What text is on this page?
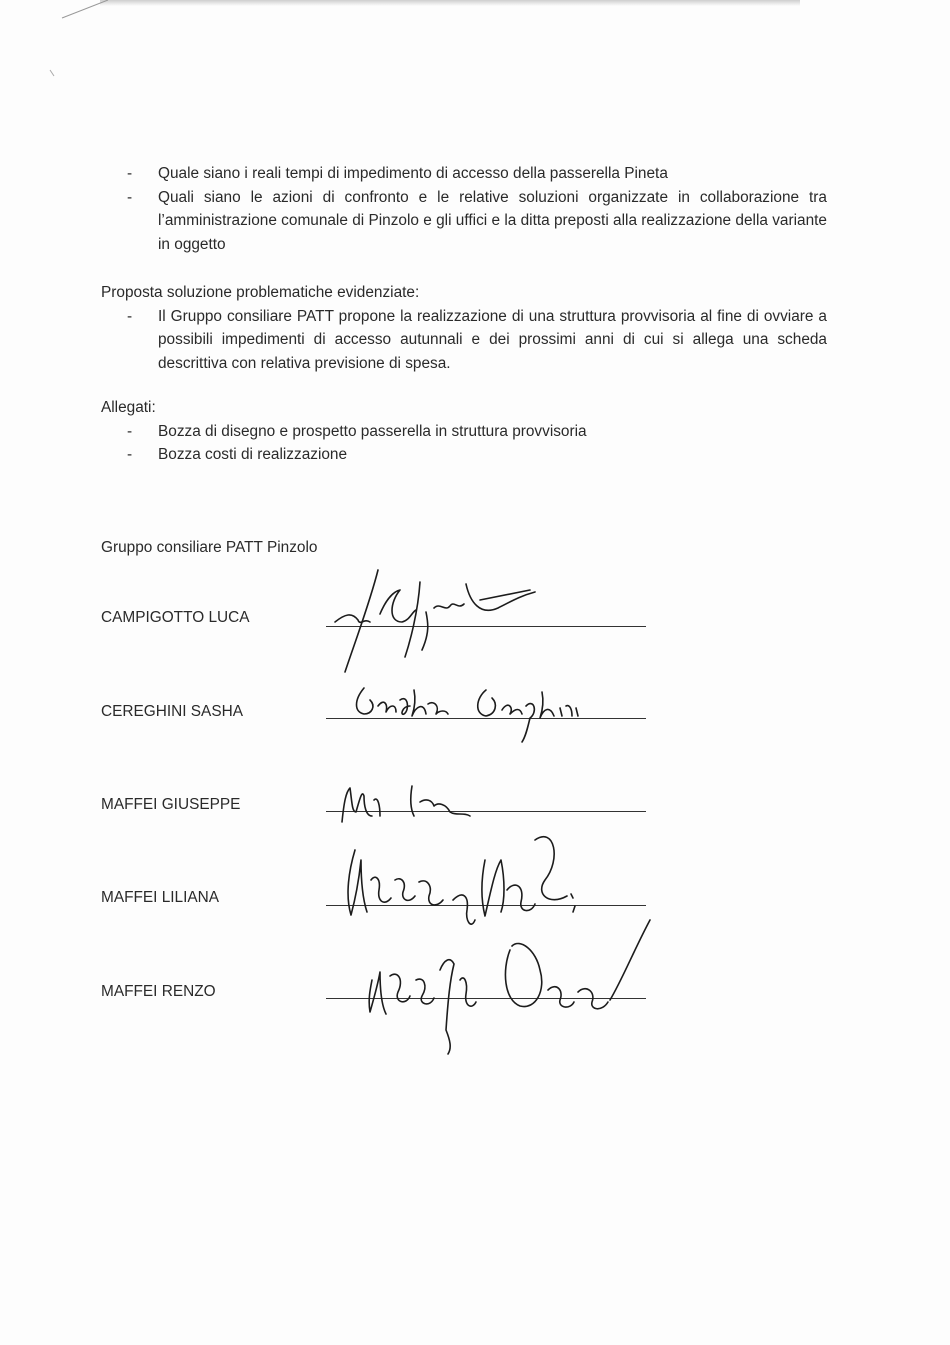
- Quale siano i reali tempi di impedimento di accesso della passerella Pineta
- Quali siano le azioni di confronto e le relative soluzioni organizzate in collaborazione tra l’amministrazione comunale di Pinzolo e gli uffici e la ditta preposti alla realizzazione della variante in oggetto

Proposta soluzione problematiche evidenziate:

- Il Gruppo consiliare PATT propone la realizzazione di una struttura provvisoria al fine di ovviare a possibili impedimenti di accesso autunnali e dei prossimi anni di cui si allega una scheda descrittiva con relativa previsione di spesa.

Allegati:

- Bozza di disegno e prospetto passerella in struttura provvisoria
- Bozza costi di realizzazione
Gruppo consiliare PATT Pinzolo
CAMPIGOTTO LUCA
CEREGHINI SASHA
MAFFEI GIUSEPPE
MAFFEI LILIANA
MAFFEI RENZO
